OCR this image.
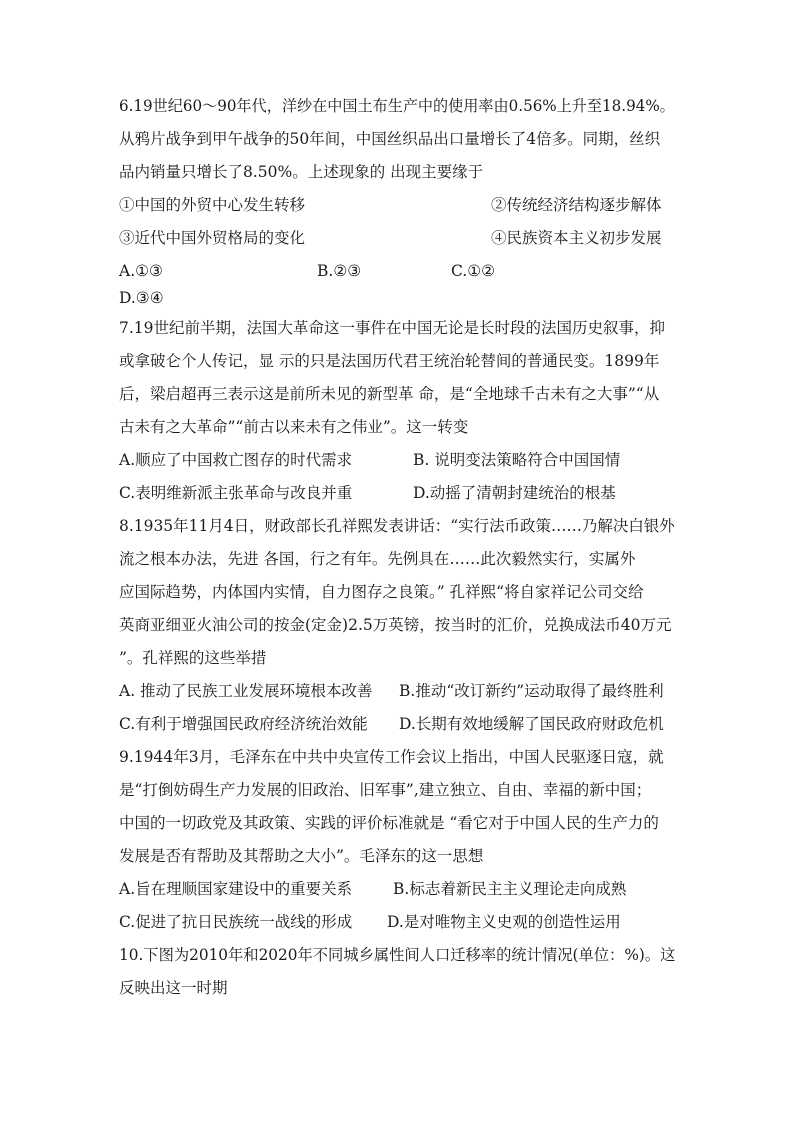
6.19世纪60～90年代，洋纱在中国土布生产中的使用率由0.56%上升至18.94%。
从鸦片战争到甲午战争的50年间，中国丝织品出口量增长了4倍多。同期，丝织
品内销量只增长了8.50%。上述现象的 出现主要缘于
①中国的外贸中心发生转移	②传统经济结构逐步解体
③近代中国外贸格局的变化	④民族资本主义初步发展
A.①③	B.②③	C.①②
D.③④
7.19世纪前半期，法国大革命这一事件在中国无论是长时段的法国历史叙事，抑
或拿破仑个人传记，显 示的只是法国历代君王统治轮替间的普通民变。1899年
后，梁启超再三表示这是前所未见的新型革 命，是“全地球千古未有之大事”“从
古未有之大革命”“前古以来未有之伟业”。这一转变
A.顺应了中国救亡图存的时代需求	B. 说明变法策略符合中国国情
C.表明维新派主张革命与改良并重	D.动摇了清朝封建统治的根基
8.1935年11月4日，财政部长孔祥熙发表讲话：“实行法币政策……乃解决白银外
流之根本办法，先进 各国，行之有年。先例具在……此次毅然实行，实属外
应国际趋势，内体国内实情，自力图存之良策。” 孔祥熙“将自家祥记公司交给
英商亚细亚火油公司的按金(定金)2.5万英镑，按当时的汇价，兑换成法币40万元
”。孔祥熙的这些举措
A. 推动了民族工业发展环境根本改善 B.推动“改订新约”运动取得了最终胜利
C.有利于增强国民政府经济统治效能 D.长期有效地缓解了国民政府财政危机
9.1944年3月，毛泽东在中共中央宣传工作会议上指出，中国人民驱逐日寇，就
是“打倒妨碍生产力发展的旧政治、旧军事”,建立独立、自由、幸福的新中国；
中国的一切政党及其政策、实践的评价标准就是 “看它对于中国人民的生产力的
发展是否有帮助及其帮助之大小”。毛泽东的这一思想
A.旨在理顺国家建设中的重要关系	B.标志着新民主主义理论走向成熟
C.促进了抗日民族统一战线的形成 D.是对唯物主义史观的创造性运用
10.下图为2010年和2020年不同城乡属性间人口迁移率的统计情况(单位：%)。这
反映出这一时期
